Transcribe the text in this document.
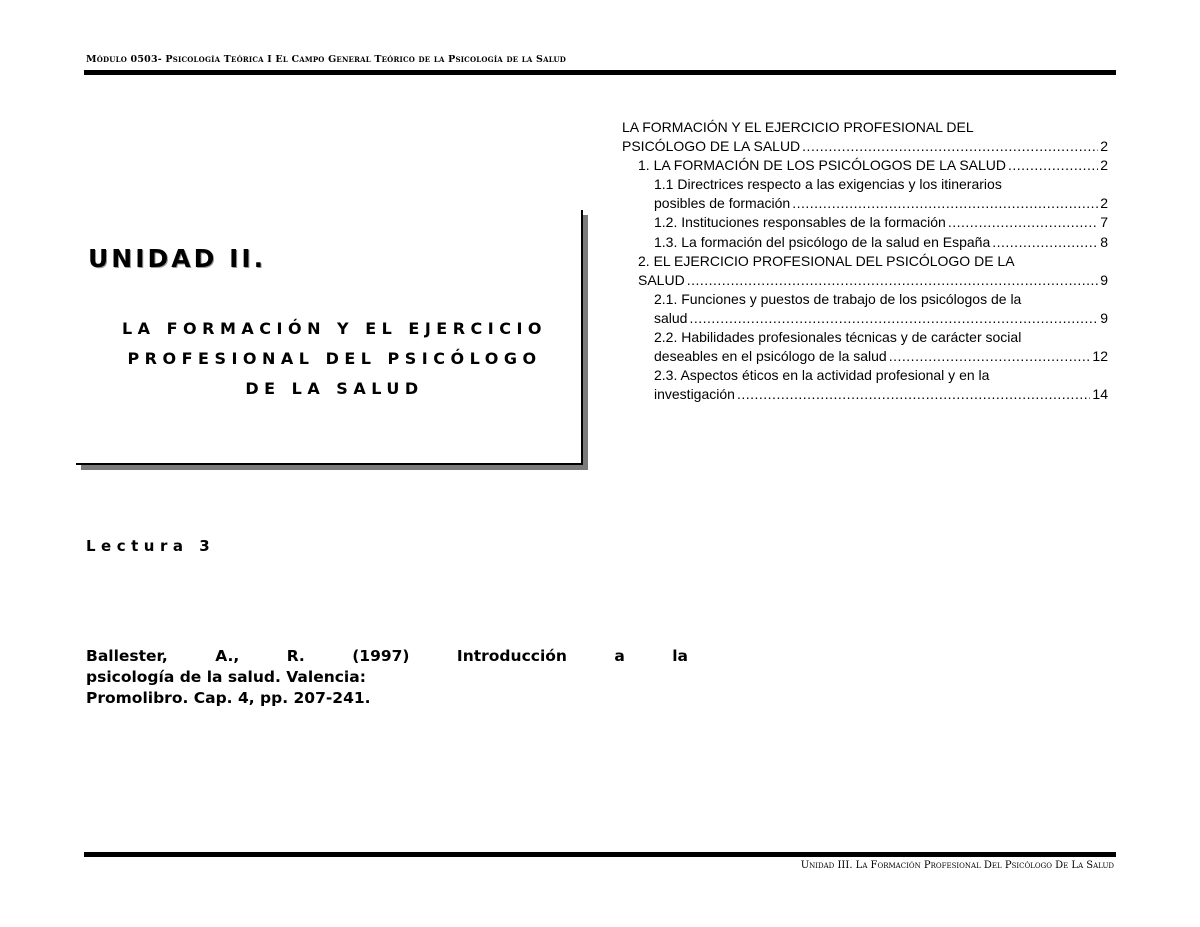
Módulo 0503- Psicología Teórica I El Campo General Teórico de la Psicología de la Salud
UNIDAD II.
LA FORMACIÓN Y EL EJERCICIO
PROFESIONAL DEL PSICÓLOGO
DE LA SALUD
Lectura 3
Ballester, A., R. (1997) Introducción a la
psicología de la salud. Valencia:
Promolibro. Cap. 4, pp. 207-241.
LA FORMACIÓN Y EL EJERCICIO PROFESIONAL DEL
PSICÓLOGO DE LA SALUD .....	2
1. LA FORMACIÓN DE LOS PSICÓLOGOS DE LA SALUD .....	2
1.1 Directrices respecto a las exigencias y los itinerarios
posibles de formación .....	2
1.2. Instituciones responsables de la formación .....	7
1.3. La formación del psicólogo de la salud en España .....	8
2. EL EJERCICIO PROFESIONAL DEL PSICÓLOGO DE LA
SALUD .....	9
2.1. Funciones y puestos de trabajo de los psicólogos de la
salud .....	9
2.2. Habilidades profesionales técnicas y de carácter social
deseables en el psicólogo de la salud .....	12
2.3. Aspectos éticos en la actividad profesional y en la
investigación .....	14
Unidad III. La Formación Profesional Del Psicólogo De La Salud
